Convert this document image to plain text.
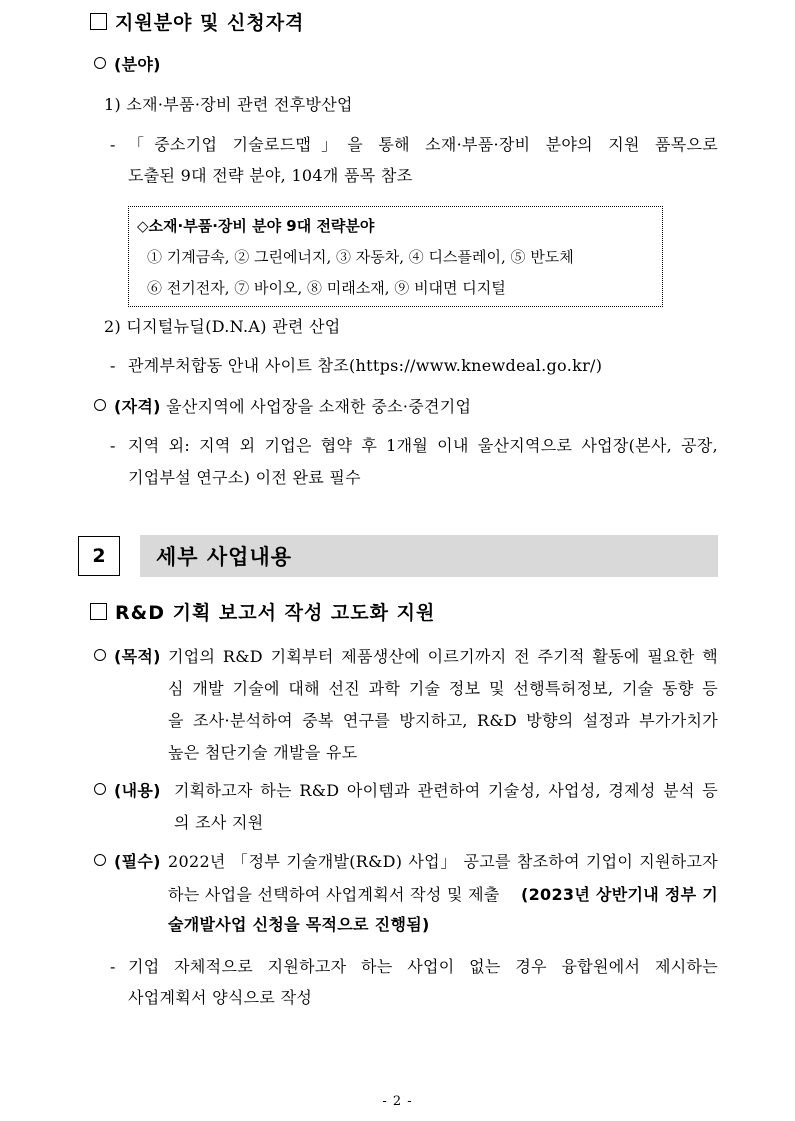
지원분야 및 신청자격
(분야)
1) 소재·부품·장비 관련 전후방산업
- 「중소기업 기술로드맵」을 통해 소재·부품·장비 분야의 지원 품목으로
도출된 9대 전략 분야, 104개 품목 참조
◇소재·부품·장비 분야 9대 전략분야
① 기계금속, ② 그린에너지, ③ 자동차, ④ 디스플레이, ⑤ 반도체
⑥ 전기전자, ⑦ 바이오, ⑧ 미래소재, ⑨ 비대면 디지털
2) 디지털뉴딜(D.N.A) 관련 산업
- 관계부처합동 안내 사이트 참조(https://www.knewdeal.go.kr/)
(자격) 울산지역에 사업장을 소재한 중소·중견기업
- 지역 외: 지역 외 기업은 협약 후 1개월 이내 울산지역으로 사업장(본사, 공장,
기업부설 연구소) 이전 완료 필수
2	세부 사업내용
R&D 기획 보고서 작성 고도화 지원
(목적) 기업의 R&D 기획부터 제품생산에 이르기까지 전 주기적 활동에 필요한 핵
심 개발 기술에 대해 선진 과학 기술 정보 및 선행특허정보, 기술 동향 등
을 조사·분석하여 중복 연구를 방지하고, R&D 방향의 설정과 부가가치가
높은 첨단기술 개발을 유도
(내용) 기획하고자 하는 R&D 아이템과 관련하여 기술성, 사업성, 경제성 분석 등
의 조사 지원
(필수) 2022년 「정부 기술개발(R&D) 사업」 공고를 참조하여 기업이 지원하고자
하는 사업을 선택하여 사업계획서 작성 및 제출 (2023년 상반기내 정부 기
술개발사업 신청을 목적으로 진행됨)
- 기업 자체적으로 지원하고자 하는 사업이 없는 경우 융합원에서 제시하는
사업계획서 양식으로 작성
- 2 -
